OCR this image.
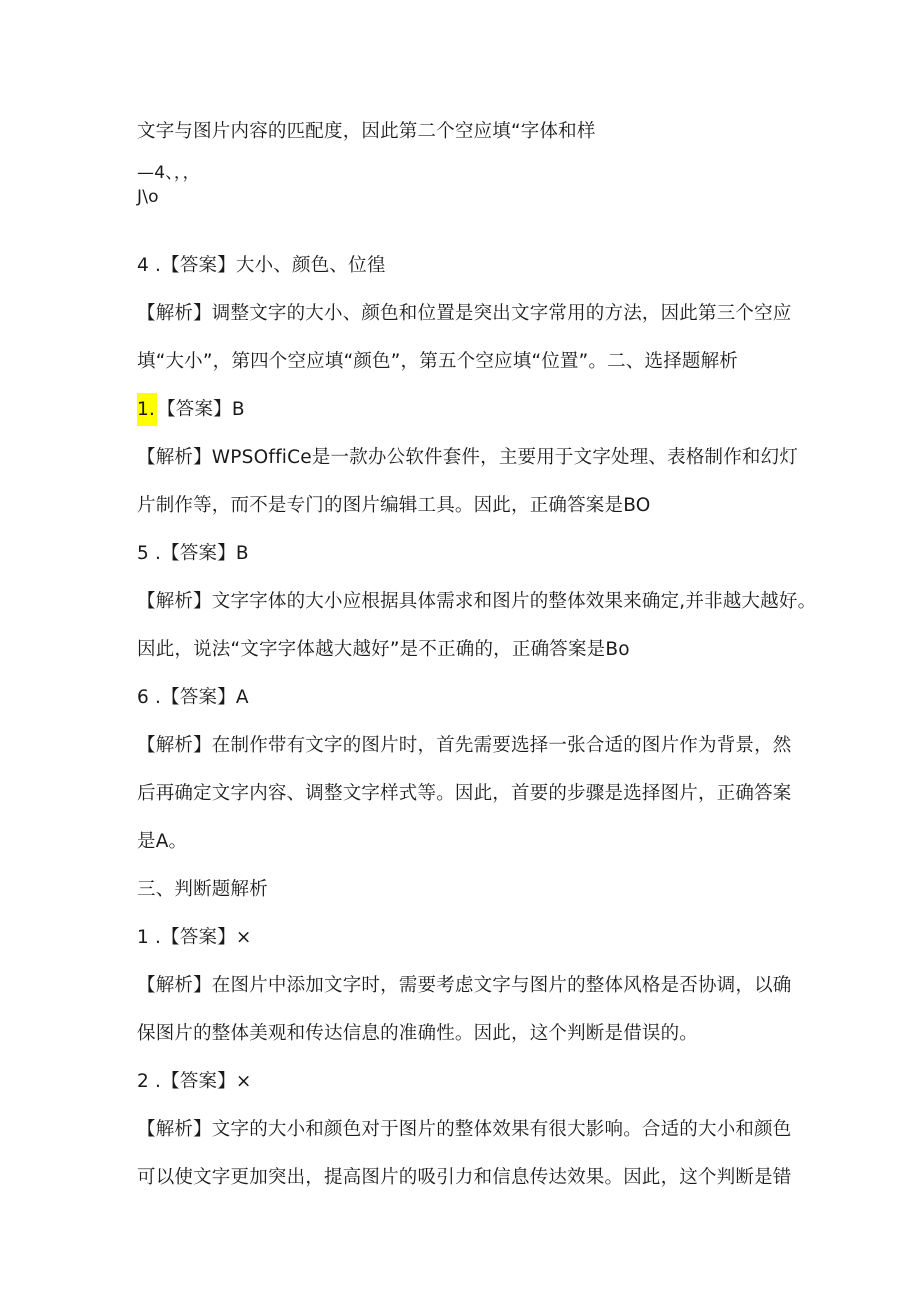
文字与图片内容的匹配度，因此第二个空应填“字体和样
—4、，，
J\o
4 .【答案】大小、颜色、位徨
【解析】调整文字的大小、颜色和位置是突出文字常用的方法，因此第三个空应
填“大小”，第四个空应填“颜色”，第五个空应填“位置”。二、选择题解析
1. 【答案】B
【解析】WPSOffiCe是一款办公软件套件，主要用于文字处理、表格制作和幻灯
片制作等，而不是专门的图片编辑工具。因此，正确答案是BO
5 .【答案】B
【解析】文字字体的大小应根据具体需求和图片的整体效果来确定,并非越大越好。
因此，说法“文字字体越大越好”是不正确的，正确答案是Bo
6 .【答案】A
【解析】在制作带有文字的图片时，首先需要选择一张合适的图片作为背景，然
后再确定文字内容、调整文字样式等。因此，首要的步骤是选择图片，正确答案
是A。
三、判断题解析
1 .【答案】×
【解析】在图片中添加文字时，需要考虑文字与图片的整体风格是否协调，以确
保图片的整体美观和传达信息的准确性。因此，这个判断是借误的。
2 .【答案】×
【解析】文字的大小和颜色对于图片的整体效果有很大影响。合适的大小和颜色
可以使文字更加突出，提高图片的吸引力和信息传达效果。因此，这个判断是错
